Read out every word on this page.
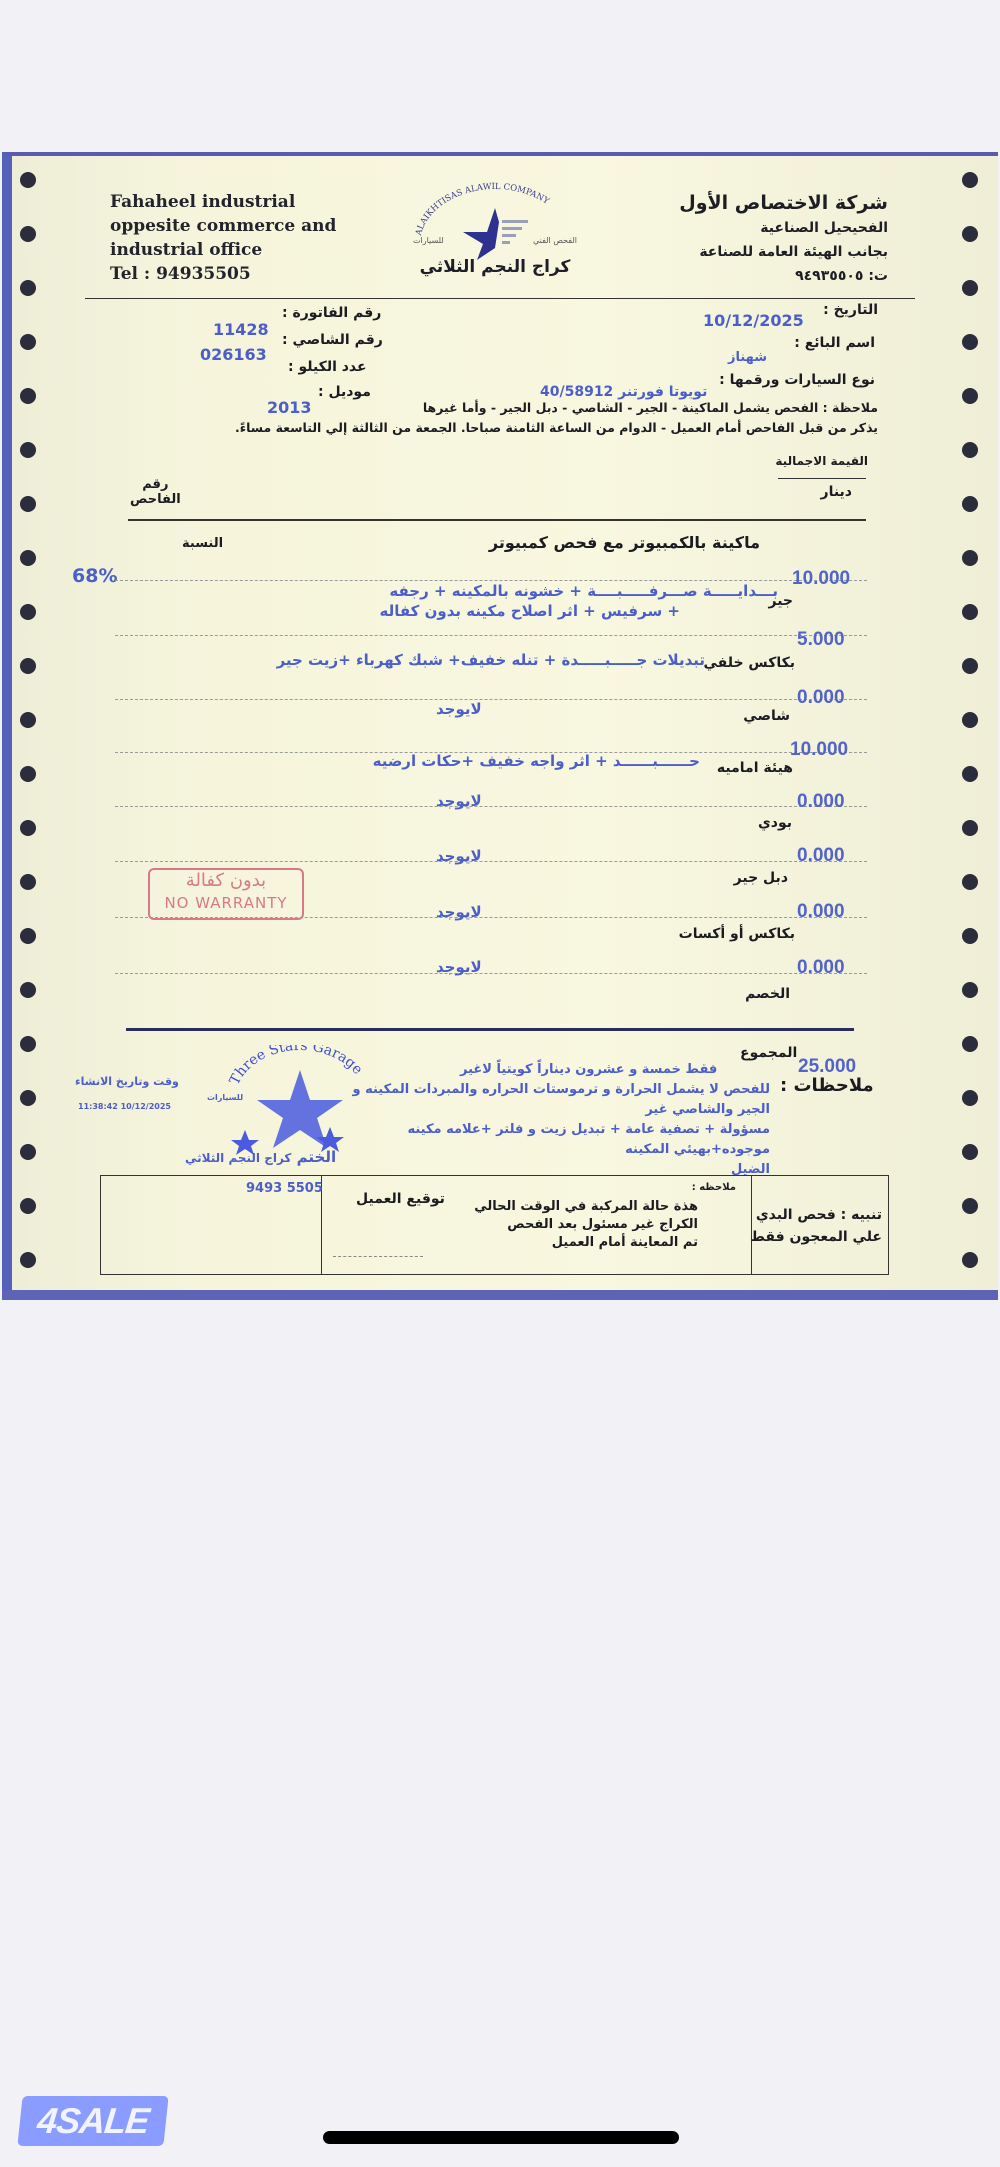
Fahaheel industrial
oppesite commerce and
industrial office
Tel : 94935505
ALAIKHTISAS ALAWIL COMPANY
للسيارات	الفحص الفني
كراج النجم الثلاثي
شركة الاختصاص الأول
الفحيحيل الصناعية
بجانب الهيئة العامة للصناعة
ت: ٩٤٩٣٥٥٠٥
رقم الفاتورة :
11428
رقم الشاصي :
026163
عدد الكيلو :
موديل :
2013
التاريخ :
10/12/2025
اسم البائع :
شهناز
نوع السيارات ورقمها :
تويوتا فورتنر 40/58912
ملاحظة : الفحص يشمل الماكينة - الجير - الشاصي - دبل الجير - وأما غيرها
يذكر من قبل الفاحص أمام العميل - الدوام من الساعة الثامنة صباحا. الجمعة من الثالثة إلي التاسعة مساءً.
القيمة الاجمالية
دينار
رقم
الفاحص
ماكينة بالكمبيوتر مع فحص كمبيوتر
النسبة
68%	10.000
جير
بـــدايـــــة صـــرفـــــبــــة + خشونه بالمكينه + رجفه
+ سرفيس + اثر اصلاح مكينه بدون كفاله
5.000
بكاكس خلفي
تبديلات جـــــبـــــدة + تنله خفيف+ شبك كهرباء +زيت جير
0.000
شاصي
لايوجد
10.000
هيئة اماميه
حــــــبــــــد + اثر واجه خفيف +حكات ارضيه
0.000
بودي
لايوجد
0.000
دبل جير
لايوجد
0.000
بكاكس أو أكسات
لايوجد
0.000
الخصم
لايوجد
بدون كفالة
NO WARRANTY
المجموع
25.000
فقط خمسة و عشرون ديناراً كويتياً لاغير
ملاحظات :
للفحص لا يشمل الحرارة و ترموستات الحراره والمبردات المكينه و الجير والشاصي غير
مسؤولة + تصفية عامة + تبديل زيت و فلتر +علامه مكينه موجوده+بهيئي المكينه
الضيل
وقت وتاريخ الانشاء
11:38:42 10/12/2025
Three Stars Garage
للسيارات
الختم كراج النجم الثلاثي
9493 5505
توقيع العميل
ملاحظه :
هذة حالة المركبة في الوقت الحالي
الكراج غير مسئول بعد الفحص
تم المعاينة أمام العميل
تنبيه : فحص البدي
علي المعجون فقط
4SALE
